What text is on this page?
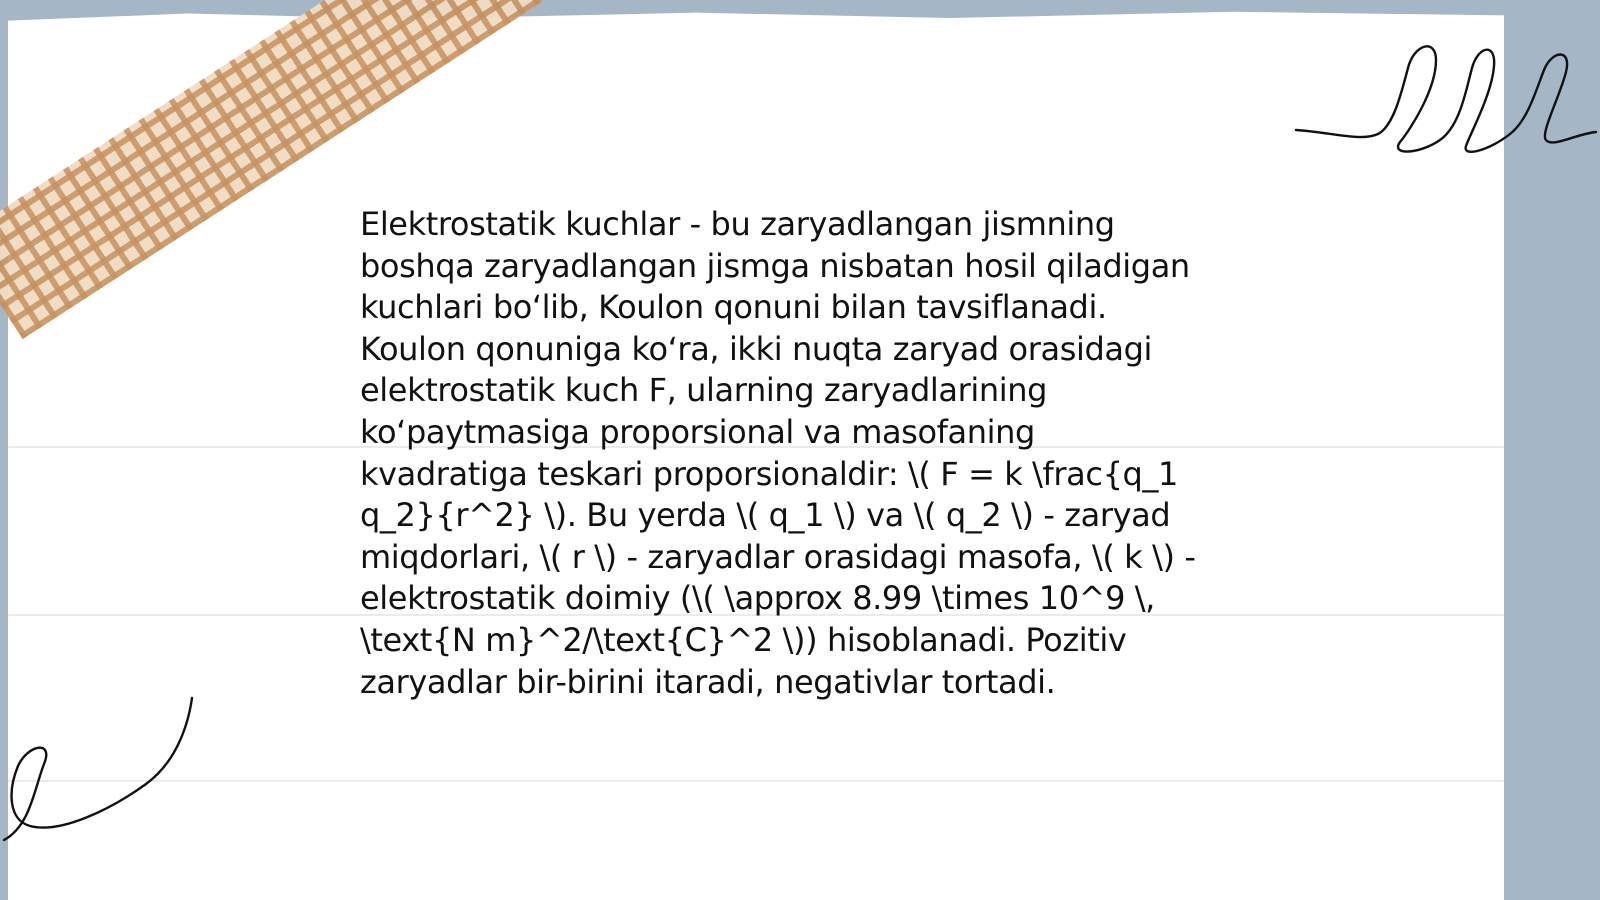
Elektrostatik kuchlar - bu zaryadlangan jismning
boshqa zaryadlangan jismga nisbatan hosil qiladigan
kuchlari bo‘lib, Koulon qonuni bilan tavsiflanadi.
Koulon qonuniga ko‘ra, ikki nuqta zaryad orasidagi
elektrostatik kuch F, ularning zaryadlarining
ko‘paytmasiga proporsional va masofaning
kvadratiga teskari proporsionaldir: \( F = k \frac{q_1
q_2}{r^2} \). Bu yerda \( q_1 \) va \( q_2 \) - zaryad
miqdorlari, \( r \) - zaryadlar orasidagi masofa, \( k \) -
elektrostatik doimiy (\( \approx 8.99 \times 10^9 \,
\text{N m}^2/\text{C}^2 \)) hisoblanadi. Pozitiv
zaryadlar bir-birini itaradi, negativlar tortadi.
